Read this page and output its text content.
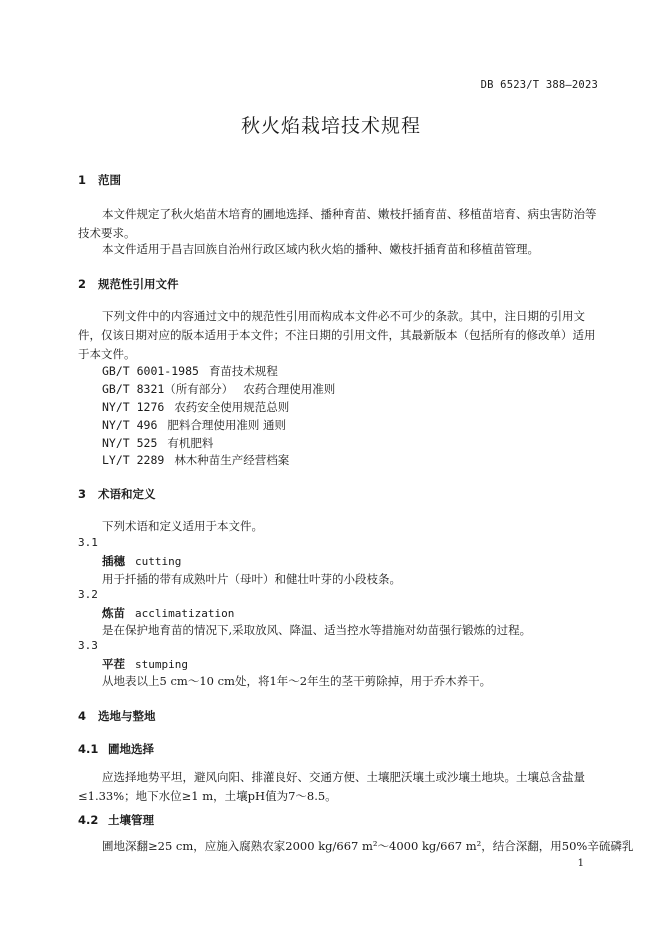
DB 6523/T 388—2023
秋火焰栽培技术规程
1 范围
本文件规定了秋火焰苗木培育的圃地选择、播种育苗、嫩枝扦插育苗、移植苗培育、病虫害防治等技术要求。
本文件适用于昌吉回族自治州行政区域内秋火焰的播种、嫩枝扦插育苗和移植苗管理。
2 规范性引用文件
下列文件中的内容通过文中的规范性引用而构成本文件必不可少的条款。其中，注日期的引用文件，仅该日期对应的版本适用于本文件；不注日期的引用文件，其最新版本（包括所有的修改单）适用于本文件。
GB/T 6001-1985 育苗技术规程
GB/T 8321（所有部分） 农药合理使用准则
NY/T 1276 农药安全使用规范总则
NY/T 496 肥料合理使用准则 通则
NY/T 525 有机肥料
LY/T 2289 林木种苗生产经营档案
3 术语和定义
下列术语和定义适用于本文件。
3.1
插穗 cutting
用于扦插的带有成熟叶片（母叶）和健壮叶芽的小段枝条。
3.2
炼苗 acclimatization
是在保护地育苗的情况下,采取放风、降温、适当控水等措施对幼苗强行锻炼的过程。
3.3
平茬 stumping
从地表以上5 cm～10 cm处，将1年～2年生的茎干剪除掉，用于乔木养干。
4 选地与整地
4.1 圃地选择
应选择地势平坦，避风向阳、排灌良好、交通方便、土壤肥沃壤土或沙壤土地块。土壤总含盐量≤1.33%；地下水位≥1 m，土壤pH值为7～8.5。
4.2 土壤管理
圃地深翻≥25 cm，应施入腐熟农家2000 kg/667 m²～4000 kg/667 m²，结合深翻，用50%辛硫磷乳
1
